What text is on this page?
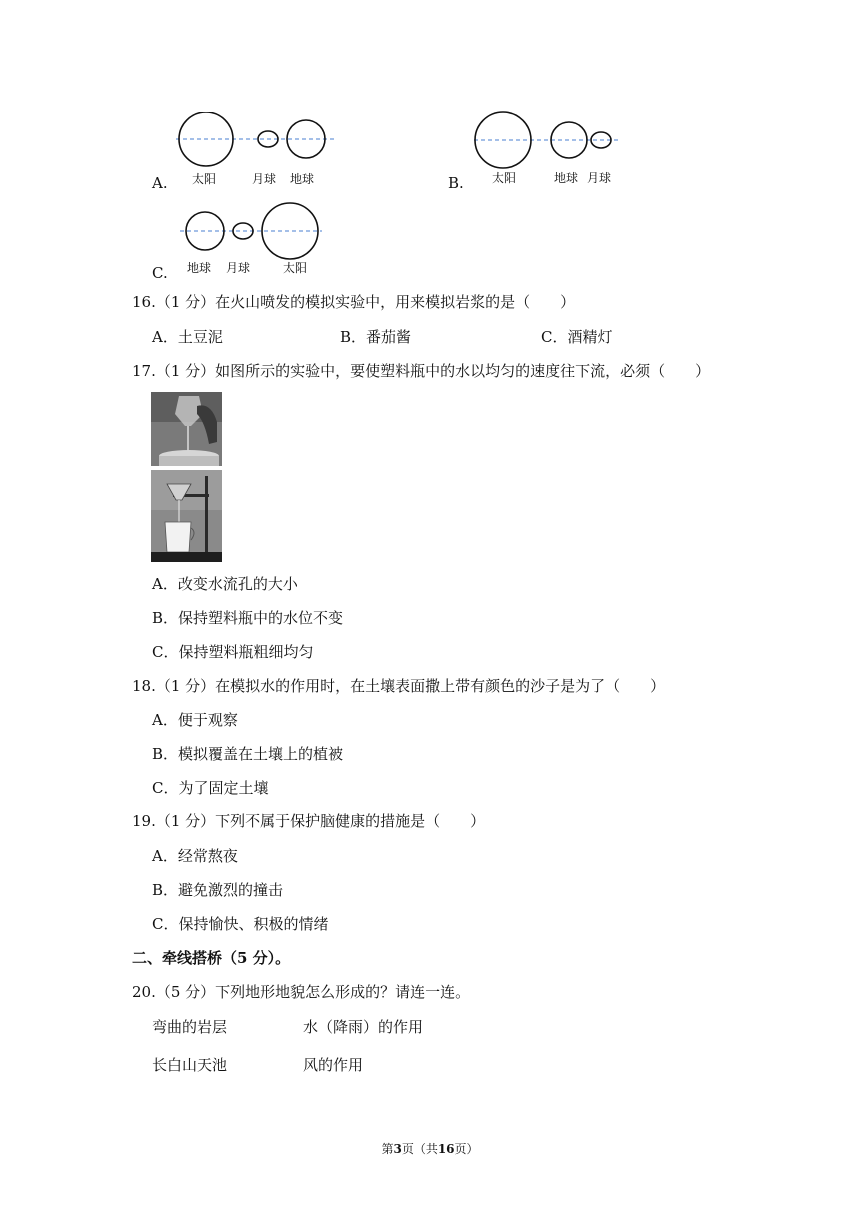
A. 太阳	月球 地球	B. 太阳	地球 月球
C. 地球 月球	太阳
16.（1 分）在火山喷发的模拟实验中，用来模拟岩浆的是（　　）
A．土豆泥	B．番茄酱	C．酒精灯
17.（1 分）如图所示的实验中，要使塑料瓶中的水以均匀的速度往下流，必须（　　）
A．改变水流孔的大小
B．保持塑料瓶中的水位不变
C．保持塑料瓶粗细均匀
18.（1 分）在模拟水的作用时，在土壤表面撒上带有颜色的沙子是为了（　　）
A．便于观察
B．模拟覆盖在土壤上的植被
C．为了固定土壤
19.（1 分）下列不属于保护脑健康的措施是（　　）
A．经常熬夜
B．避免激烈的撞击
C．保持愉快、积极的情绪
二、牵线搭桥（5 分）。
20.（5 分）下列地形地貌怎么形成的？请连一连。
弯曲的岩层	水（降雨）的作用
长白山天池	风的作用
第3页（共16页）
